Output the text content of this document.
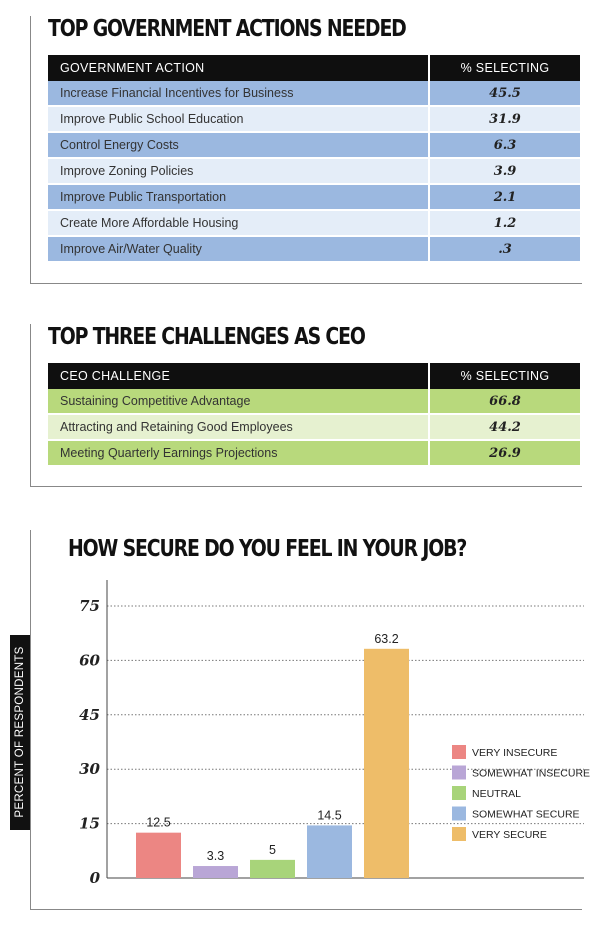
TOP GOVERNMENT ACTIONS NEEDED
GOVERNMENT ACTION	% SELECTING
Increase Financial Incentives for Business	45.5
Improve Public School Education	31.9
Control Energy Costs	6.3
Improve Zoning Policies	3.9
Improve Public Transportation	2.1
Create More Affordable Housing	1.2
Improve Air/Water Quality	.3
TOP THREE CHALLENGES AS CEO
CEO CHALLENGE	% SELECTING
Sustaining Competitive Advantage	66.8
Attracting and Retaining Good Employees	44.2
Meeting Quarterly Earnings Projections	26.9
HOW SECURE DO YOU FEEL IN YOUR JOB?
PERCENT OF RESPONDENTS
0
15
30
45
60
75
12.5
3.3	5
14.5
63.2
VERY INSECURE
SOMEWHAT INSECURE
NEUTRAL
SOMEWHAT SECURE
VERY SECURE
